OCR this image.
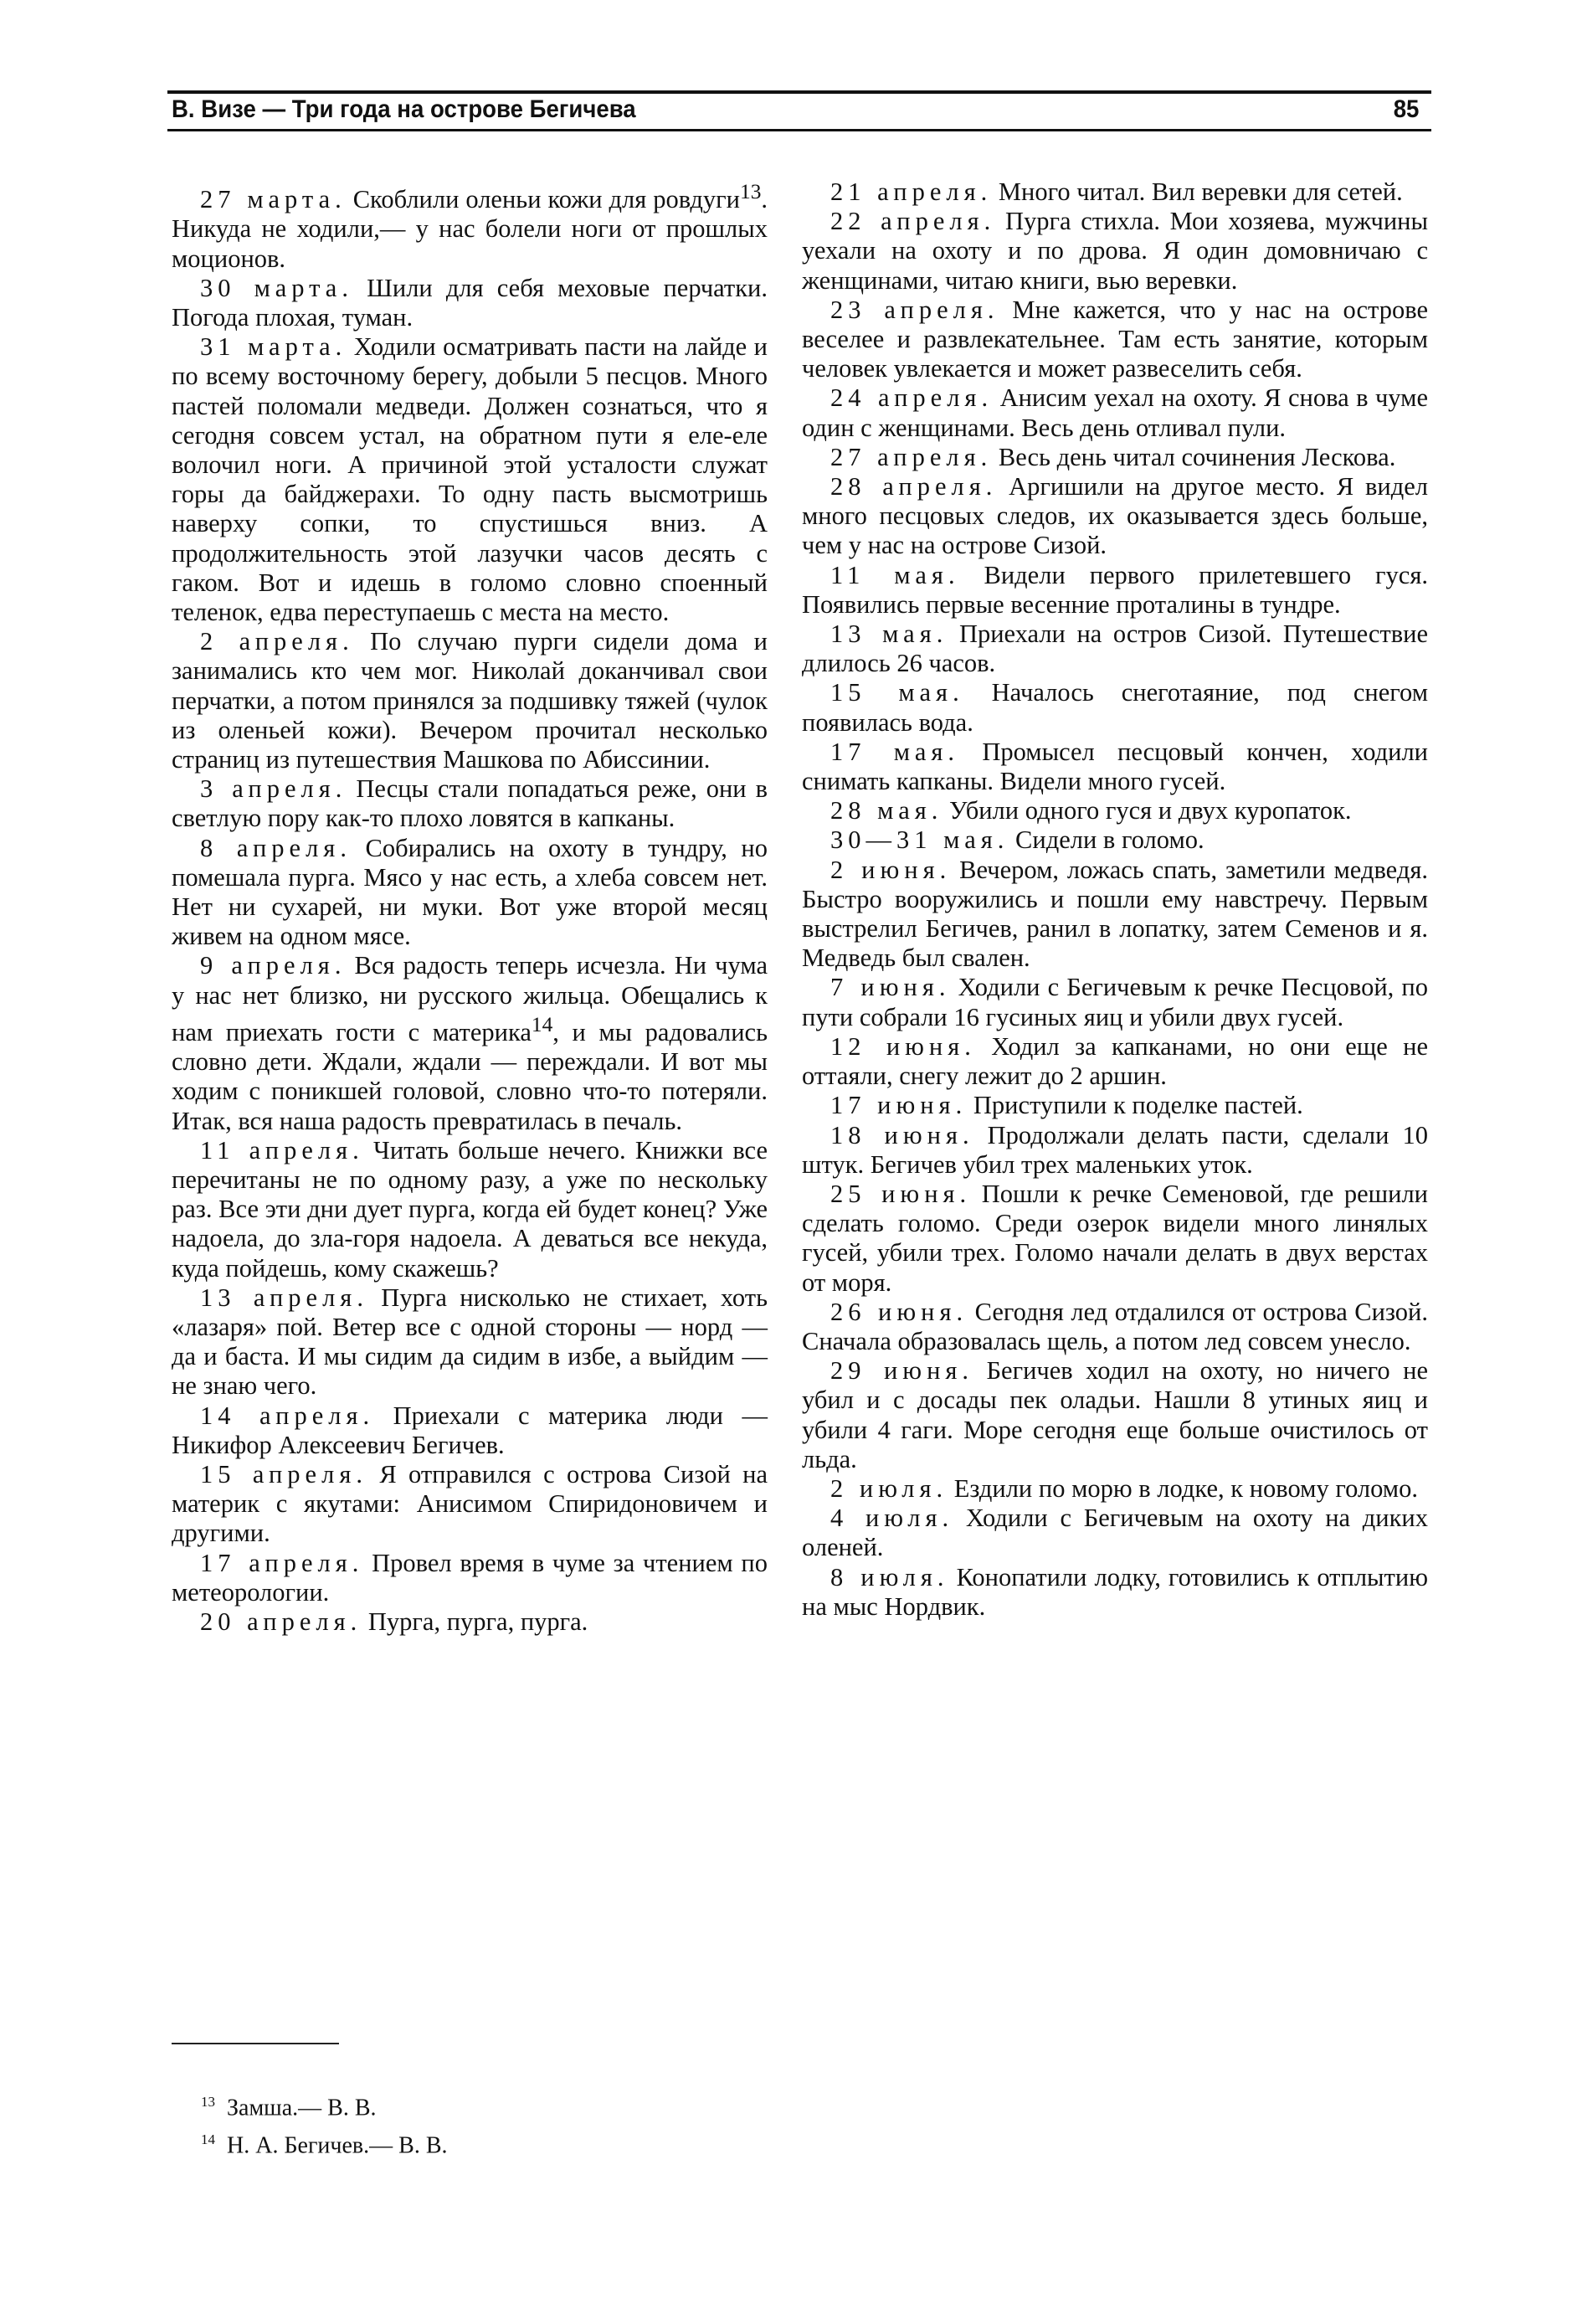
В. Визе — Три года на острове Бегичева	85

27 марта. Скоблили оленьи кожи для ровдуги$^{13}$. Никуда не ходили,— у нас болели ноги от прошлых моционов.

30 марта. Шили для себя меховые перчатки. Погода плохая, туман.

31 марта. Ходили осматривать пасти на лайде и по всему восточному берегу, добыли 5 песцов. Много пастей поломали медведи. Должен сознаться, что я сегодня совсем устал, на обратном пути я еле-еле волочил ноги. А причиной этой усталости служат горы да байджерахи. То одну пасть высмотришь наверху сопки, то спустишься вниз. А продолжительность этой лазучки часов десять с гаком. Вот и идешь в голомо словно споенный теленок, едва переступаешь с места на место.

2 апреля. По случаю пурги сидели дома и занимались кто чем мог. Николай доканчивал свои перчатки, а потом принялся за подшивку тяжей (чулок из оленьей кожи). Вечером прочитал несколько страниц из путешествия Машкова по Абиссинии.

3 апреля. Песцы стали попадаться реже, они в светлую пору как-то плохо ловятся в капканы.

8 апреля. Собирались на охоту в тундру, но помешала пурга. Мясо у нас есть, а хлеба совсем нет. Нет ни сухарей, ни муки. Вот уже второй месяц живем на одном мясе.

9 апреля. Вся радость теперь исчезла. Ни чума у нас нет близко, ни русского жильца. Обещались к нам приехать гости с материка$^{14}$, и мы радовались словно дети. Ждали, ждали — переждали. И вот мы ходим с поникшей головой, словно что-то потеряли. Итак, вся наша радость превратилась в печаль.

11 апреля. Читать больше нечего. Книжки все перечитаны не по одному разу, а уже по нескольку раз. Все эти дни дует пурга, когда ей будет конец? Уже надоела, до зла-горя надоела. А деваться все некуда, куда пойдешь, кому скажешь?

13 апреля. Пурга нисколько не стихает, хоть «лазаря» пой. Ветер все с одной стороны — норд — да и баста. И мы сидим да сидим в избе, а выйдим — не знаю чего.

14 апреля. Приехали с материка люди — Никифор Алексеевич Бегичев.

15 апреля. Я отправился с острова Сизой на материк с якутами: Анисимом Спиридоновичем и другими.

17 апреля. Провел время в чуме за чтением по метеорологии.

20 апреля. Пурга, пурга, пурга.

21 апреля. Много читал. Вил веревки для сетей.

22 апреля. Пурга стихла. Мои хозяева, мужчины уехали на охоту и по дрова. Я один домовничаю с женщинами, читаю книги, вью веревки.

23 апреля. Мне кажется, что у нас на острове веселее и развлекательнее. Там есть занятие, которым человек увлекается и может развеселить себя.

24 апреля. Анисим уехал на охоту. Я снова в чуме один с женщинами. Весь день отливал пули.

27 апреля. Весь день читал сочинения Лескова.

28 апреля. Аргишили на другое место. Я видел много песцовых следов, их оказывается здесь больше, чем у нас на острове Сизой.

11 мая. Видели первого прилетевшего гуся. Появились первые весенние проталины в тундре.

13 мая. Приехали на остров Сизой. Путешествие длилось 26 часов.

15 мая. Началось снеготаяние, под снегом появилась вода.

17 мая. Промысел песцовый кончен, ходили снимать капканы. Видели много гусей.

28 мая. Убили одного гуся и двух куропаток.

30—31 мая. Сидели в голомо.

2 июня. Вечером, ложась спать, заметили медведя. Быстро вооружились и пошли ему навстречу. Первым выстрелил Бегичев, ранил в лопатку, затем Семенов и я. Медведь был свален.

7 июня. Ходили с Бегичевым к речке Песцовой, по пути собрали 16 гусиных яиц и убили двух гусей.

12 июня. Ходил за капканами, но они еще не оттаяли, снегу лежит до 2 аршин.

17 июня. Приступили к поделке пастей.

18 июня. Продолжали делать пасти, сделали 10 штук. Бегичев убил трех маленьких уток.

25 июня. Пошли к речке Семеновой, где решили сделать голомо. Среди озерок видели много линялых гусей, убили трех. Голомо начали делать в двух верстах от моря.

26 июня. Сегодня лед отдалился от острова Сизой. Сначала образовалась щель, а потом лед совсем унесло.

29 июня. Бегичев ходил на охоту, но ничего не убил и с досады пек оладьи. Нашли 8 утиных яиц и убили 4 гаги. Море сегодня еще больше очистилось от льда.

2 июля. Ездили по морю в лодке, к новому голомо.

4 июля. Ходили с Бегичевым на охоту на диких оленей.

8 июля. Конопатили лодку, готовились к отплытию на мыс Нордвик.

$^{13}$ Замша.— В. В.
$^{14}$ Н. А. Бегичев.— В. В.
